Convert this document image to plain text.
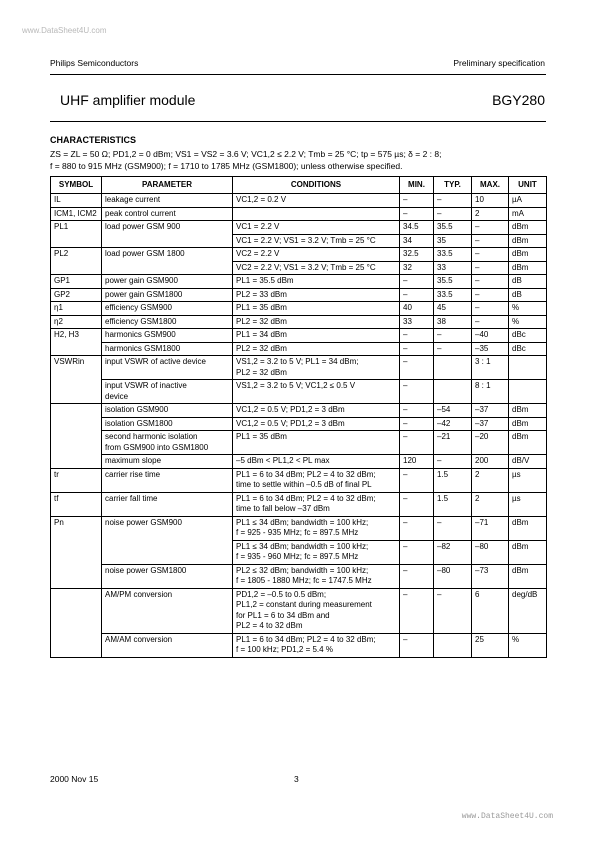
www.DataSheet4U.com
Philips Semiconductors	Preliminary specification
UHF amplifier module	BGY280
CHARACTERISTICS
ZS = ZL = 50 Ω; PD1,2 = 0 dBm; VS1 = VS2 = 3.6 V; VC1,2 ≤ 2.2 V; Tmb = 25 °C; tp = 575 µs; δ = 2 : 8;
f = 880 to 915 MHz (GSM900); f = 1710 to 1785 MHz (GSM1800); unless otherwise specified.
SYMBOL	PARAMETER	CONDITIONS	MIN.	TYP.	MAX.	UNIT
IL	leakage current	VC1,2 = 0.2 V	–	–	10	µA
ICM1, ICM2	peak control current		–	–	2	mA
PL1	load power GSM 900	VC1 = 2.2 V	34.5	35.5	–	dBm
		VC1 = 2.2 V; VS1 = 3.2 V; Tmb = 25 °C	34	35	–	dBm
PL2	load power GSM 1800	VC2 = 2.2 V	32.5	33.5	–	dBm
		VC2 = 2.2 V; VS1 = 3.2 V; Tmb = 25 °C	32	33	–	dBm
GP1	power gain GSM900	PL1 = 35.5 dBm	–	35.5	–	dB
GP2	power gain GSM1800	PL2 = 33 dBm	–	33.5	–	dB
η1	efficiency GSM900	PL1 = 35 dBm	40	45	–	%
η2	efficiency GSM1800	PL2 = 32 dBm	33	38	–	%
H2, H3	harmonics GSM900	PL1 = 34 dBm	–	–	–40	dBc
	harmonics GSM1800	PL2 = 32 dBm	–	–	–35	dBc
VSWRin	input VSWR of active device	VS1,2 = 3.2 to 5 V; PL1 = 34 dBm;
PL2 = 32 dBm	–		3 : 1	
	input VSWR of inactive
device	VS1,2 = 3.2 to 5 V; VC1,2 ≤ 0.5 V	–		8 : 1	
	isolation GSM900	VC1,2 = 0.5 V; PD1,2 = 3 dBm	–	–54	–37	dBm
	isolation GSM1800	VC1,2 = 0.5 V; PD1,2 = 3 dBm	–	–42	–37	dBm
	second harmonic isolation
from GSM900 into GSM1800	PL1 = 35 dBm	–	–21	–20	dBm
	maximum slope	–5 dBm < PL1,2 < PL max	120	–	200	dB/V
tr	carrier rise time	PL1 = 6 to 34 dBm; PL2 = 4 to 32 dBm;
time to settle within –0.5 dB of final PL	–	1.5	2	µs
tf	carrier fall time	PL1 = 6 to 34 dBm; PL2 = 4 to 32 dBm;
time to fall below –37 dBm	–	1.5	2	µs
Pn	noise power GSM900	PL1 ≤ 34 dBm; bandwidth = 100 kHz;
f = 925 - 935 MHz; fc = 897.5 MHz	–	–	–71	dBm
		PL1 ≤ 34 dBm; bandwidth = 100 kHz;
f = 935 - 960 MHz; fc = 897.5 MHz	–	–82	–80	dBm
	noise power GSM1800	PL2 ≤ 32 dBm; bandwidth = 100 kHz;
f = 1805 - 1880 MHz; fc = 1747.5 MHz	–	–80	–73	dBm
	AM/PM conversion	PD1,2 = –0.5 to 0.5 dBm;
PL1,2 = constant during measurement
for PL1 = 6 to 34 dBm and
PL2 = 4 to 32 dBm	–	–	6	deg/dB
	AM/AM conversion	PL1 = 6 to 34 dBm; PL2 = 4 to 32 dBm;
f = 100 kHz; PD1,2 = 5.4 %	–		25	%
2000 Nov 15	3
www.DataSheet4U.com
